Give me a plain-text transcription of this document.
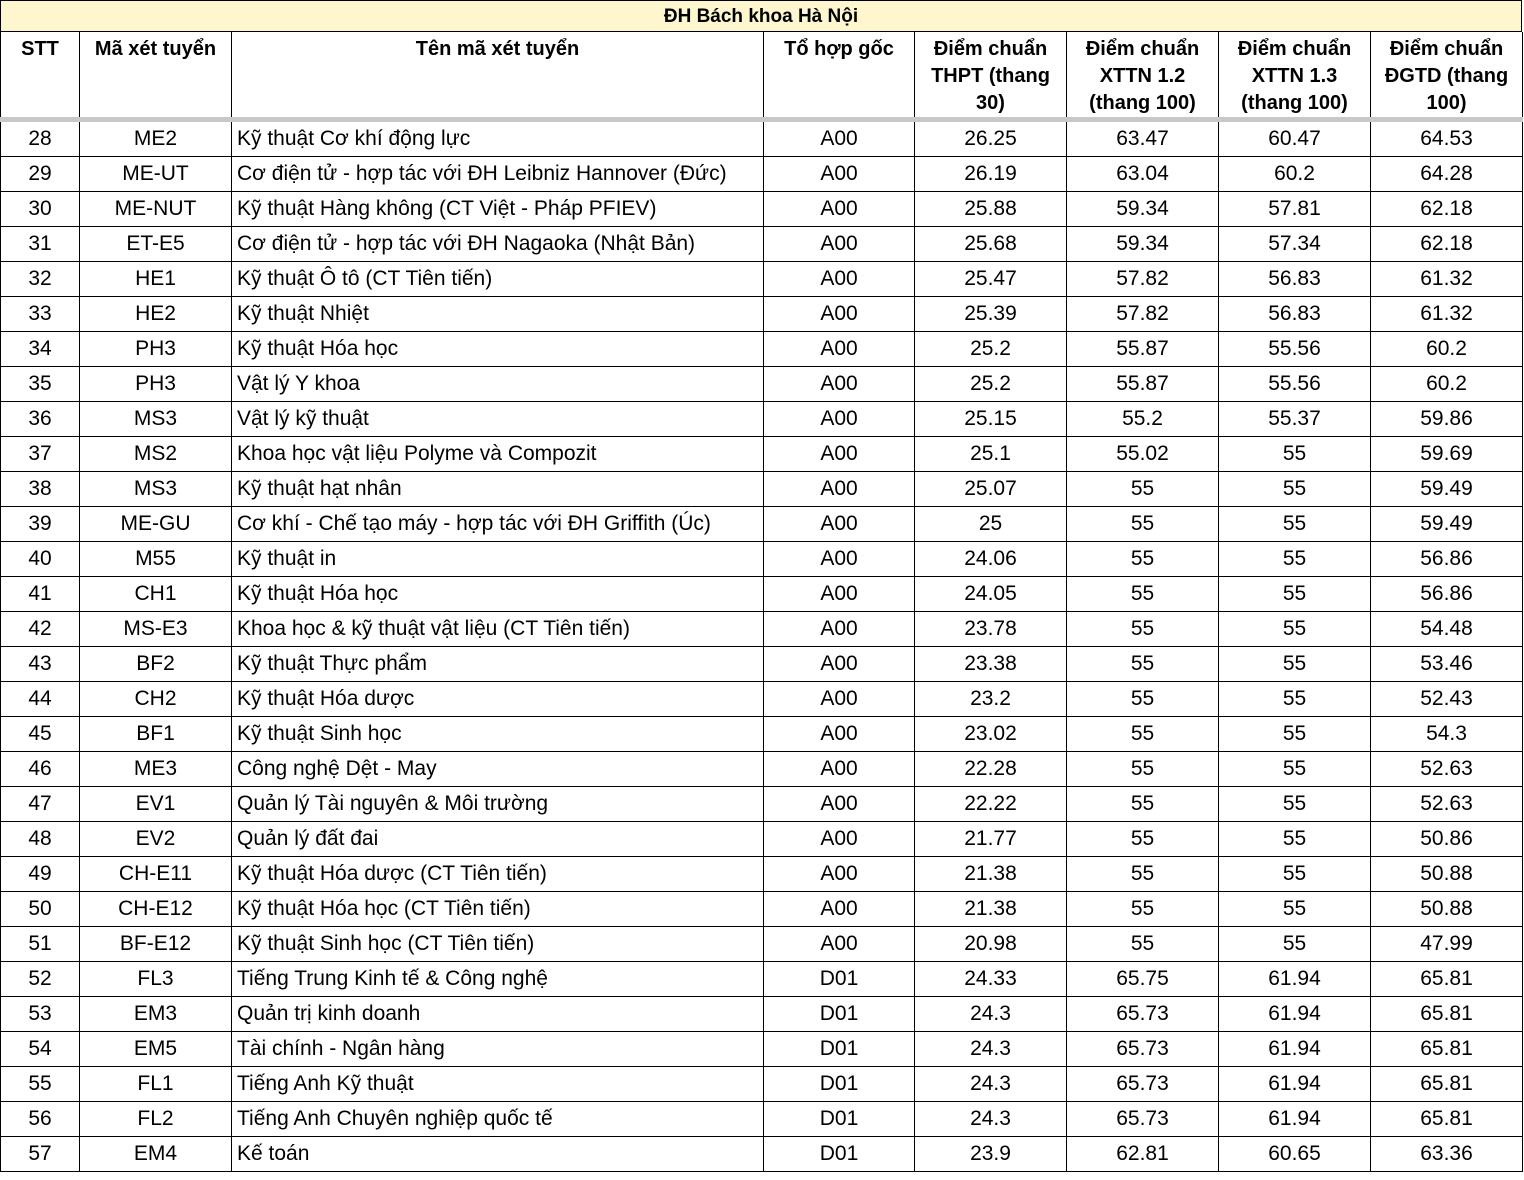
ĐH Bách khoa Hà Nội
STT	Mã xét tuyển	Tên mã xét tuyển	Tổ hợp gốc	Điểm chuẩn THPT (thang 30)	Điểm chuẩn XTTN 1.2 (thang 100)	Điểm chuẩn XTTN 1.3 (thang 100)	Điểm chuẩn ĐGTD (thang 100)
28	ME2	Kỹ thuật Cơ khí động lực	A00	26.25	63.47	60.47	64.53
29	ME-UT	Cơ điện tử - hợp tác với ĐH Leibniz Hannover (Đức)	A00	26.19	63.04	60.2	64.28
30	ME-NUT	Kỹ thuật Hàng không (CT Việt - Pháp PFIEV)	A00	25.88	59.34	57.81	62.18
31	ET-E5	Cơ điện tử - hợp tác với ĐH Nagaoka (Nhật Bản)	A00	25.68	59.34	57.34	62.18
32	HE1	Kỹ thuật Ô tô (CT Tiên tiến)	A00	25.47	57.82	56.83	61.32
33	HE2	Kỹ thuật Nhiệt	A00	25.39	57.82	56.83	61.32
34	PH3	Kỹ thuật Hóa học	A00	25.2	55.87	55.56	60.2
35	PH3	Vật lý Y khoa	A00	25.2	55.87	55.56	60.2
36	MS3	Vật lý kỹ thuật	A00	25.15	55.2	55.37	59.86
37	MS2	Khoa học vật liệu Polyme và Compozit	A00	25.1	55.02	55	59.69
38	MS3	Kỹ thuật hạt nhân	A00	25.07	55	55	59.49
39	ME-GU	Cơ khí - Chế tạo máy - hợp tác với ĐH Griffith (Úc)	A00	25	55	55	59.49
40	M55	Kỹ thuật in	A00	24.06	55	55	56.86
41	CH1	Kỹ thuật Hóa học	A00	24.05	55	55	56.86
42	MS-E3	Khoa học & kỹ thuật vật liệu (CT Tiên tiến)	A00	23.78	55	55	54.48
43	BF2	Kỹ thuật Thực phẩm	A00	23.38	55	55	53.46
44	CH2	Kỹ thuật Hóa dược	A00	23.2	55	55	52.43
45	BF1	Kỹ thuật Sinh học	A00	23.02	55	55	54.3
46	ME3	Công nghệ Dệt - May	A00	22.28	55	55	52.63
47	EV1	Quản lý Tài nguyên & Môi trường	A00	22.22	55	55	52.63
48	EV2	Quản lý đất đai	A00	21.77	55	55	50.86
49	CH-E11	Kỹ thuật Hóa dược (CT Tiên tiến)	A00	21.38	55	55	50.88
50	CH-E12	Kỹ thuật Hóa học (CT Tiên tiến)	A00	21.38	55	55	50.88
51	BF-E12	Kỹ thuật Sinh học (CT Tiên tiến)	A00	20.98	55	55	47.99
52	FL3	Tiếng Trung Kinh tế & Công nghệ	D01	24.33	65.75	61.94	65.81
53	EM3	Quản trị kinh doanh	D01	24.3	65.73	61.94	65.81
54	EM5	Tài chính - Ngân hàng	D01	24.3	65.73	61.94	65.81
55	FL1	Tiếng Anh Kỹ thuật	D01	24.3	65.73	61.94	65.81
56	FL2	Tiếng Anh Chuyên nghiệp quốc tế	D01	24.3	65.73	61.94	65.81
57	EM4	Kế toán	D01	23.9	62.81	60.65	63.36
